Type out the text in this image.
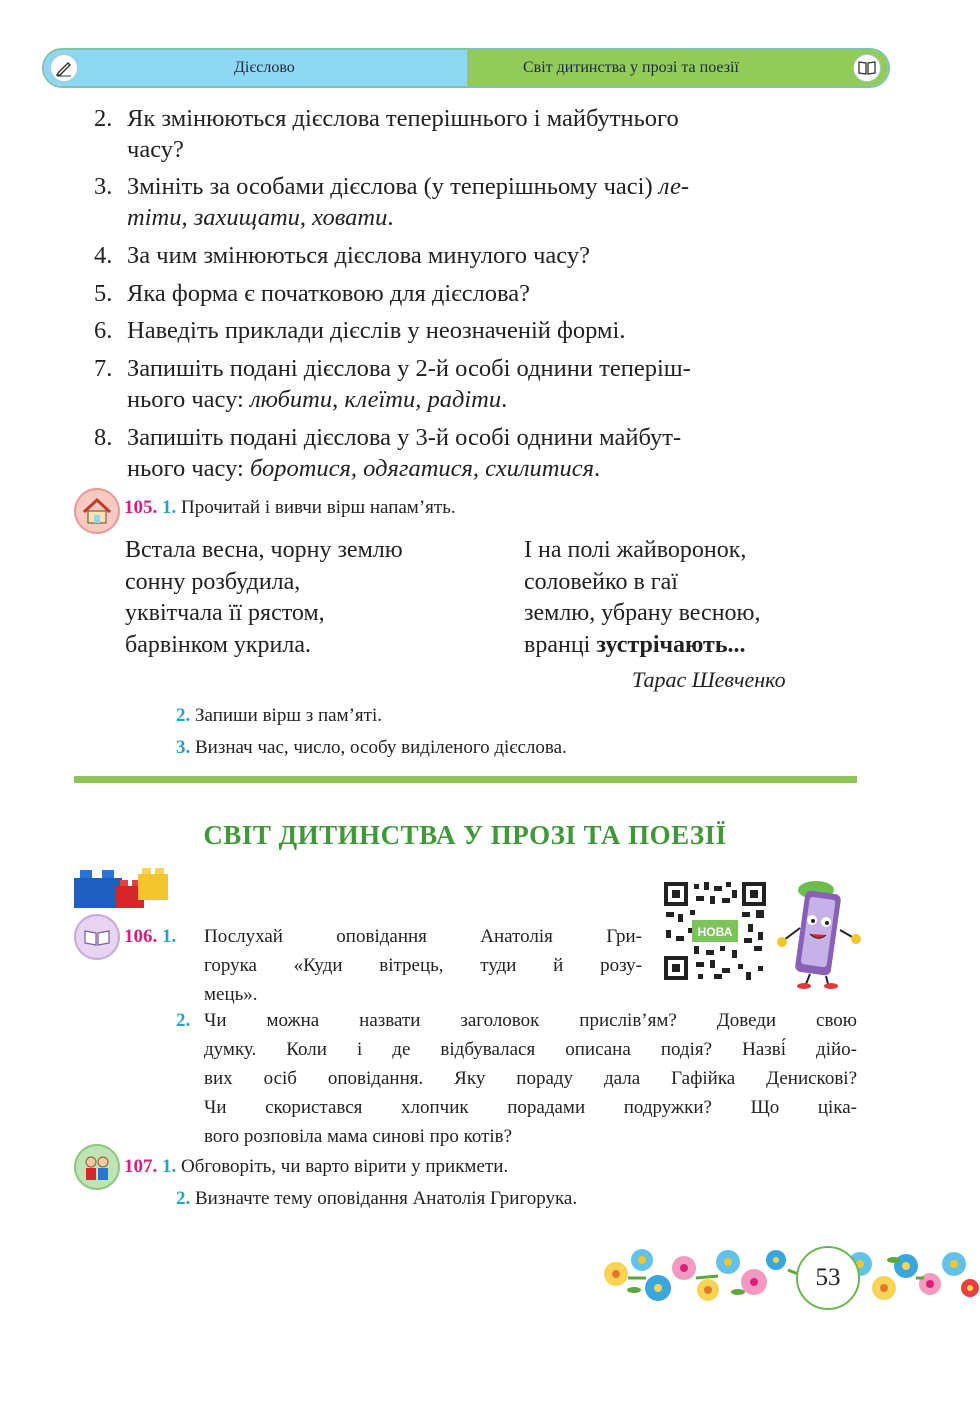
Дієслово	Світ дитинства у прозі та поезії
2. Як змінюються дієслова теперішнього і майбутнього
часу?
3. Змініть за особами дієслова (у теперішньому часі) ле-
тіти, захищати, ховати.
4. За чим змінюються дієслова минулого часу?
5. Яка форма є початковою для дієслова?
6. Наведіть приклади дієслів у неозначеній формі.
7. Запишіть подані дієслова у 2-й особі однини теперіш-
нього часу: любити, клеїти, радіти.
8. Запишіть подані дієслова у 3-й особі однини майбут-
нього часу: боротися, одягатися, схилитися.
105. 1. Прочитай і вивчи вірш напам’ять.
Встала весна, чорну землю
сонну розбудила,
уквітчала її рястом,
барвінком укрила.
І на полі жайворонок,
соловейко в гаї
землю, убрану весною,
вранці зустрічають...
Тарас Шевченко
2. Запиши вірш з пам’яті.
3. Визнач час, число, особу виділеного дієслова.
СВІТ ДИТИНСТВА У ПРОЗІ ТА ПОЕЗІЇ
106. 1. Послухай оповідання Анатолія Гри-
горука «Куди вітрець, туди й розу-
мець».
НОВА
2. Чи можна назвати заголовок прислів’ям? Доведи свою
думку. Коли і де відбувалася описана подія? Назві́ дійо-
вих осіб оповідання. Яку пораду дала Гафійка Денискові?
Чи скористався хлопчик порадами подружки? Що ціка-
вого розповіла мама синові про котів?
107. 1. Обговоріть, чи варто вірити у прикмети.
2. Визначте тему оповідання Анатолія Григорука.
53
